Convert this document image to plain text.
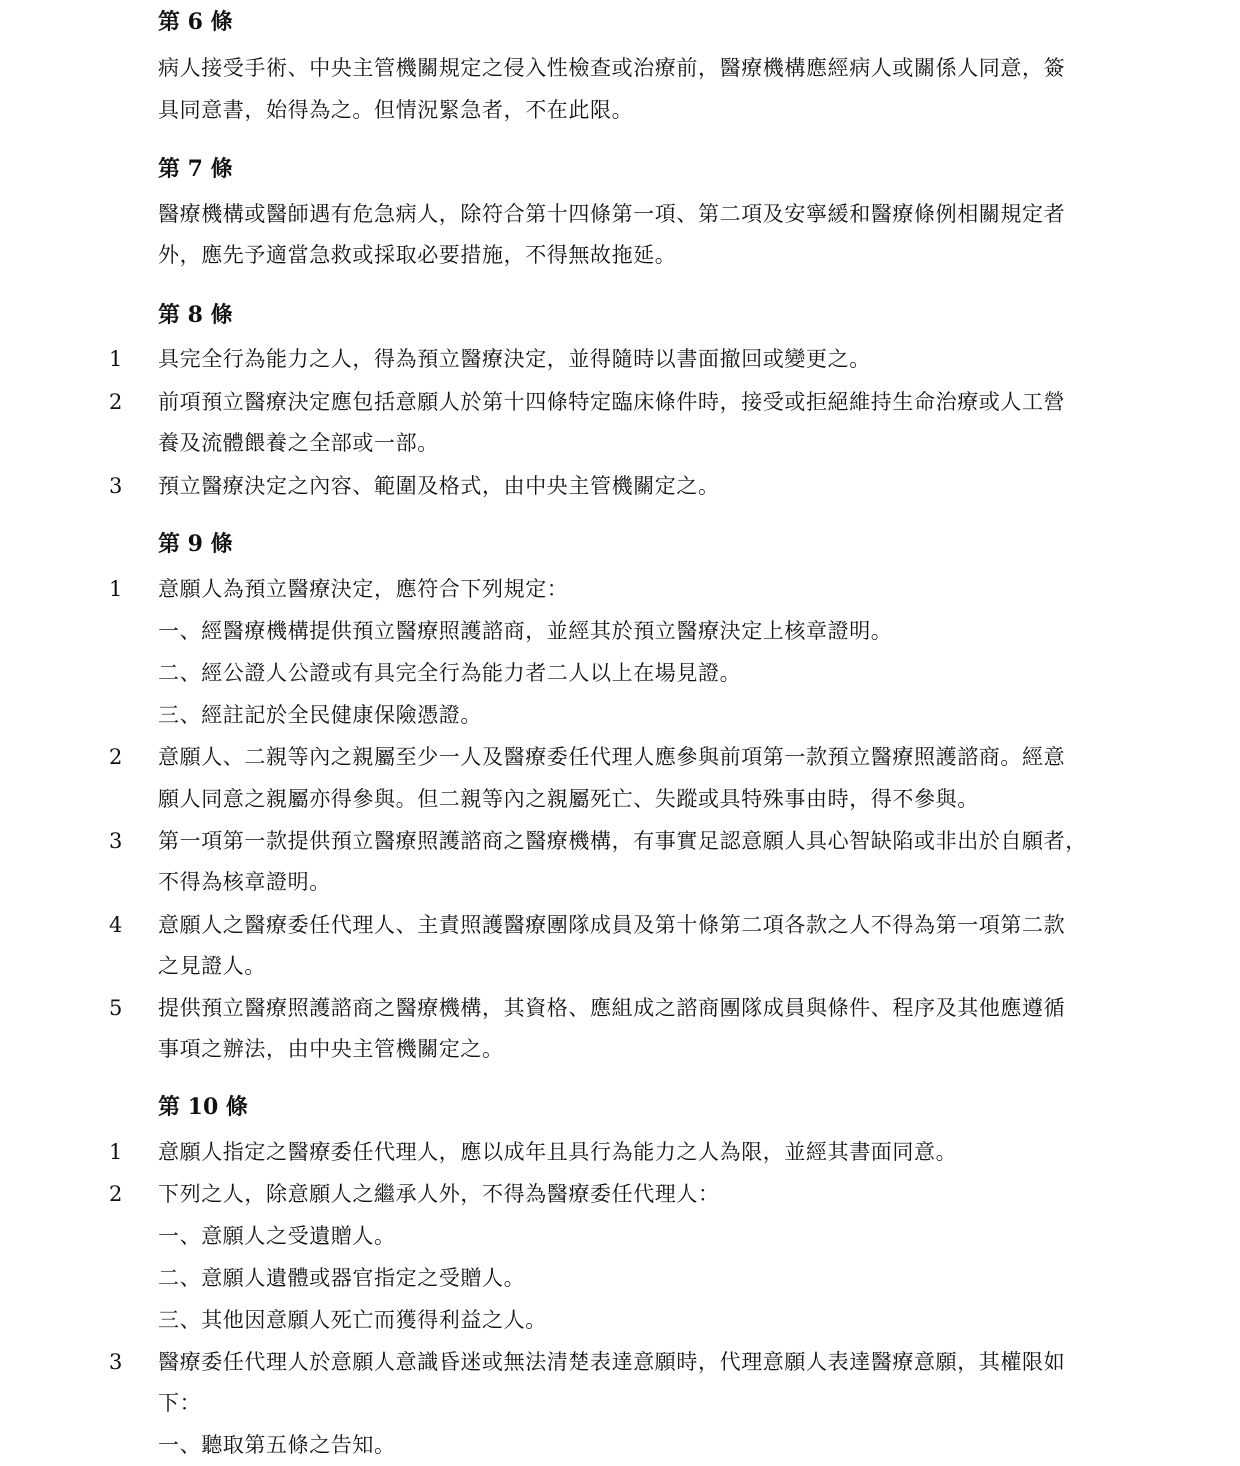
第 6 條
病人接受手術、中央主管機關規定之侵入性檢查或治療前，醫療機構應經病人或關係人同意，簽
具同意書，始得為之。但情況緊急者，不在此限。
第 7 條
醫療機構或醫師遇有危急病人，除符合第十四條第一項、第二項及安寧緩和醫療條例相關規定者
外，應先予適當急救或採取必要措施，不得無故拖延。
第 8 條
1	具完全行為能力之人，得為預立醫療決定，並得隨時以書面撤回或變更之。
2	前項預立醫療決定應包括意願人於第十四條特定臨床條件時，接受或拒絕維持生命治療或人工營
養及流體餵養之全部或一部。
3	預立醫療決定之內容、範圍及格式，由中央主管機關定之。
第 9 條
1	意願人為預立醫療決定，應符合下列規定：
一、經醫療機構提供預立醫療照護諮商，並經其於預立醫療決定上核章證明。
二、經公證人公證或有具完全行為能力者二人以上在場見證。
三、經註記於全民健康保險憑證。
2	意願人、二親等內之親屬至少一人及醫療委任代理人應參與前項第一款預立醫療照護諮商。經意
願人同意之親屬亦得參與。但二親等內之親屬死亡、失蹤或具特殊事由時，得不參與。
3	第一項第一款提供預立醫療照護諮商之醫療機構，有事實足認意願人具心智缺陷或非出於自願者，
不得為核章證明。
4	意願人之醫療委任代理人、主責照護醫療團隊成員及第十條第二項各款之人不得為第一項第二款
之見證人。
5	提供預立醫療照護諮商之醫療機構，其資格、應組成之諮商團隊成員與條件、程序及其他應遵循
事項之辦法，由中央主管機關定之。
第 10 條
1	意願人指定之醫療委任代理人，應以成年且具行為能力之人為限，並經其書面同意。
2	下列之人，除意願人之繼承人外，不得為醫療委任代理人：
一、意願人之受遺贈人。
二、意願人遺體或器官指定之受贈人。
三、其他因意願人死亡而獲得利益之人。
3	醫療委任代理人於意願人意識昏迷或無法清楚表達意願時，代理意願人表達醫療意願，其權限如
下：
一、聽取第五條之告知。
